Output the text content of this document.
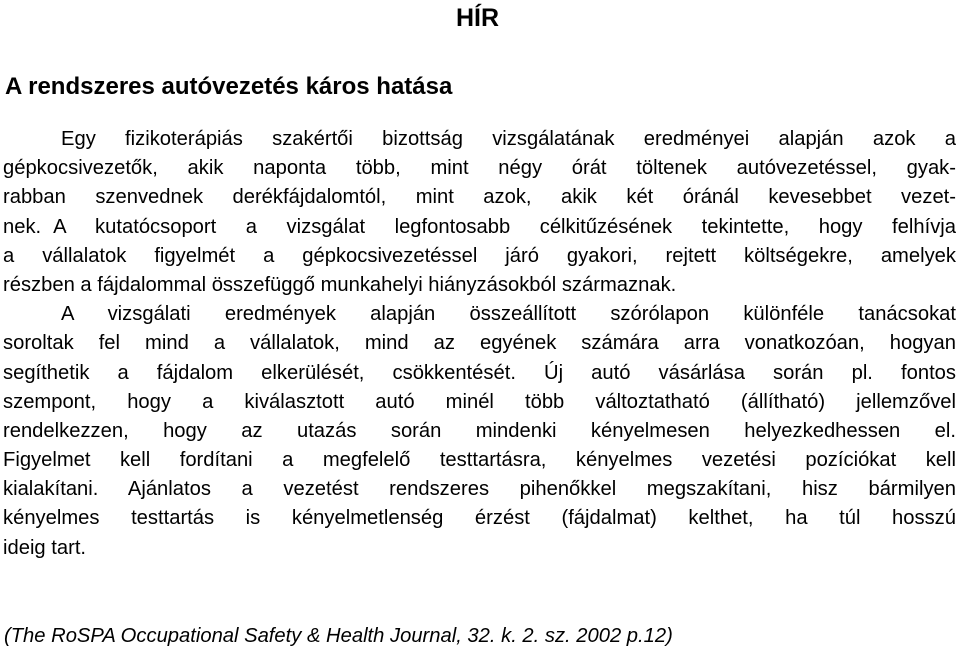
HÍR
A rendszeres autóvezetés káros hatása
Egy fizikoterápiás szakértői bizottság vizsgálatának eredményei alapján azok a
gépkocsivezetők, akik naponta több, mint négy órát töltenek autóvezetéssel, gyak-
rabban szenvednek derékfájdalomtól, mint azok, akik két óránál kevesebbet vezet-
nek. A kutatócsoport a vizsgálat legfontosabb célkitűzésének tekintette, hogy felhívja
a vállalatok figyelmét a gépkocsivezetéssel járó gyakori, rejtett költségekre, amelyek
részben a fájdalommal összefüggő munkahelyi hiányzásokból származnak.
A vizsgálati eredmények alapján összeállított szórólapon különféle tanácsokat
soroltak fel mind a vállalatok, mind az egyének számára arra vonatkozóan, hogyan
segíthetik a fájdalom elkerülését, csökkentését. Új autó vásárlása során pl. fontos
szempont, hogy a kiválasztott autó minél több változtatható (állítható) jellemzővel
rendelkezzen, hogy az utazás során mindenki kényelmesen helyezkedhessen el.
Figyelmet kell fordítani a megfelelő testtartásra, kényelmes vezetési pozíciókat kell
kialakítani. Ajánlatos a vezetést rendszeres pihenőkkel megszakítani, hisz bármilyen
kényelmes testtartás is kényelmetlenség érzést (fájdalmat) kelthet, ha túl hosszú
ideig tart.
(The RoSPA Occupational Safety & Health Journal, 32. k. 2. sz. 2002 p.12)
